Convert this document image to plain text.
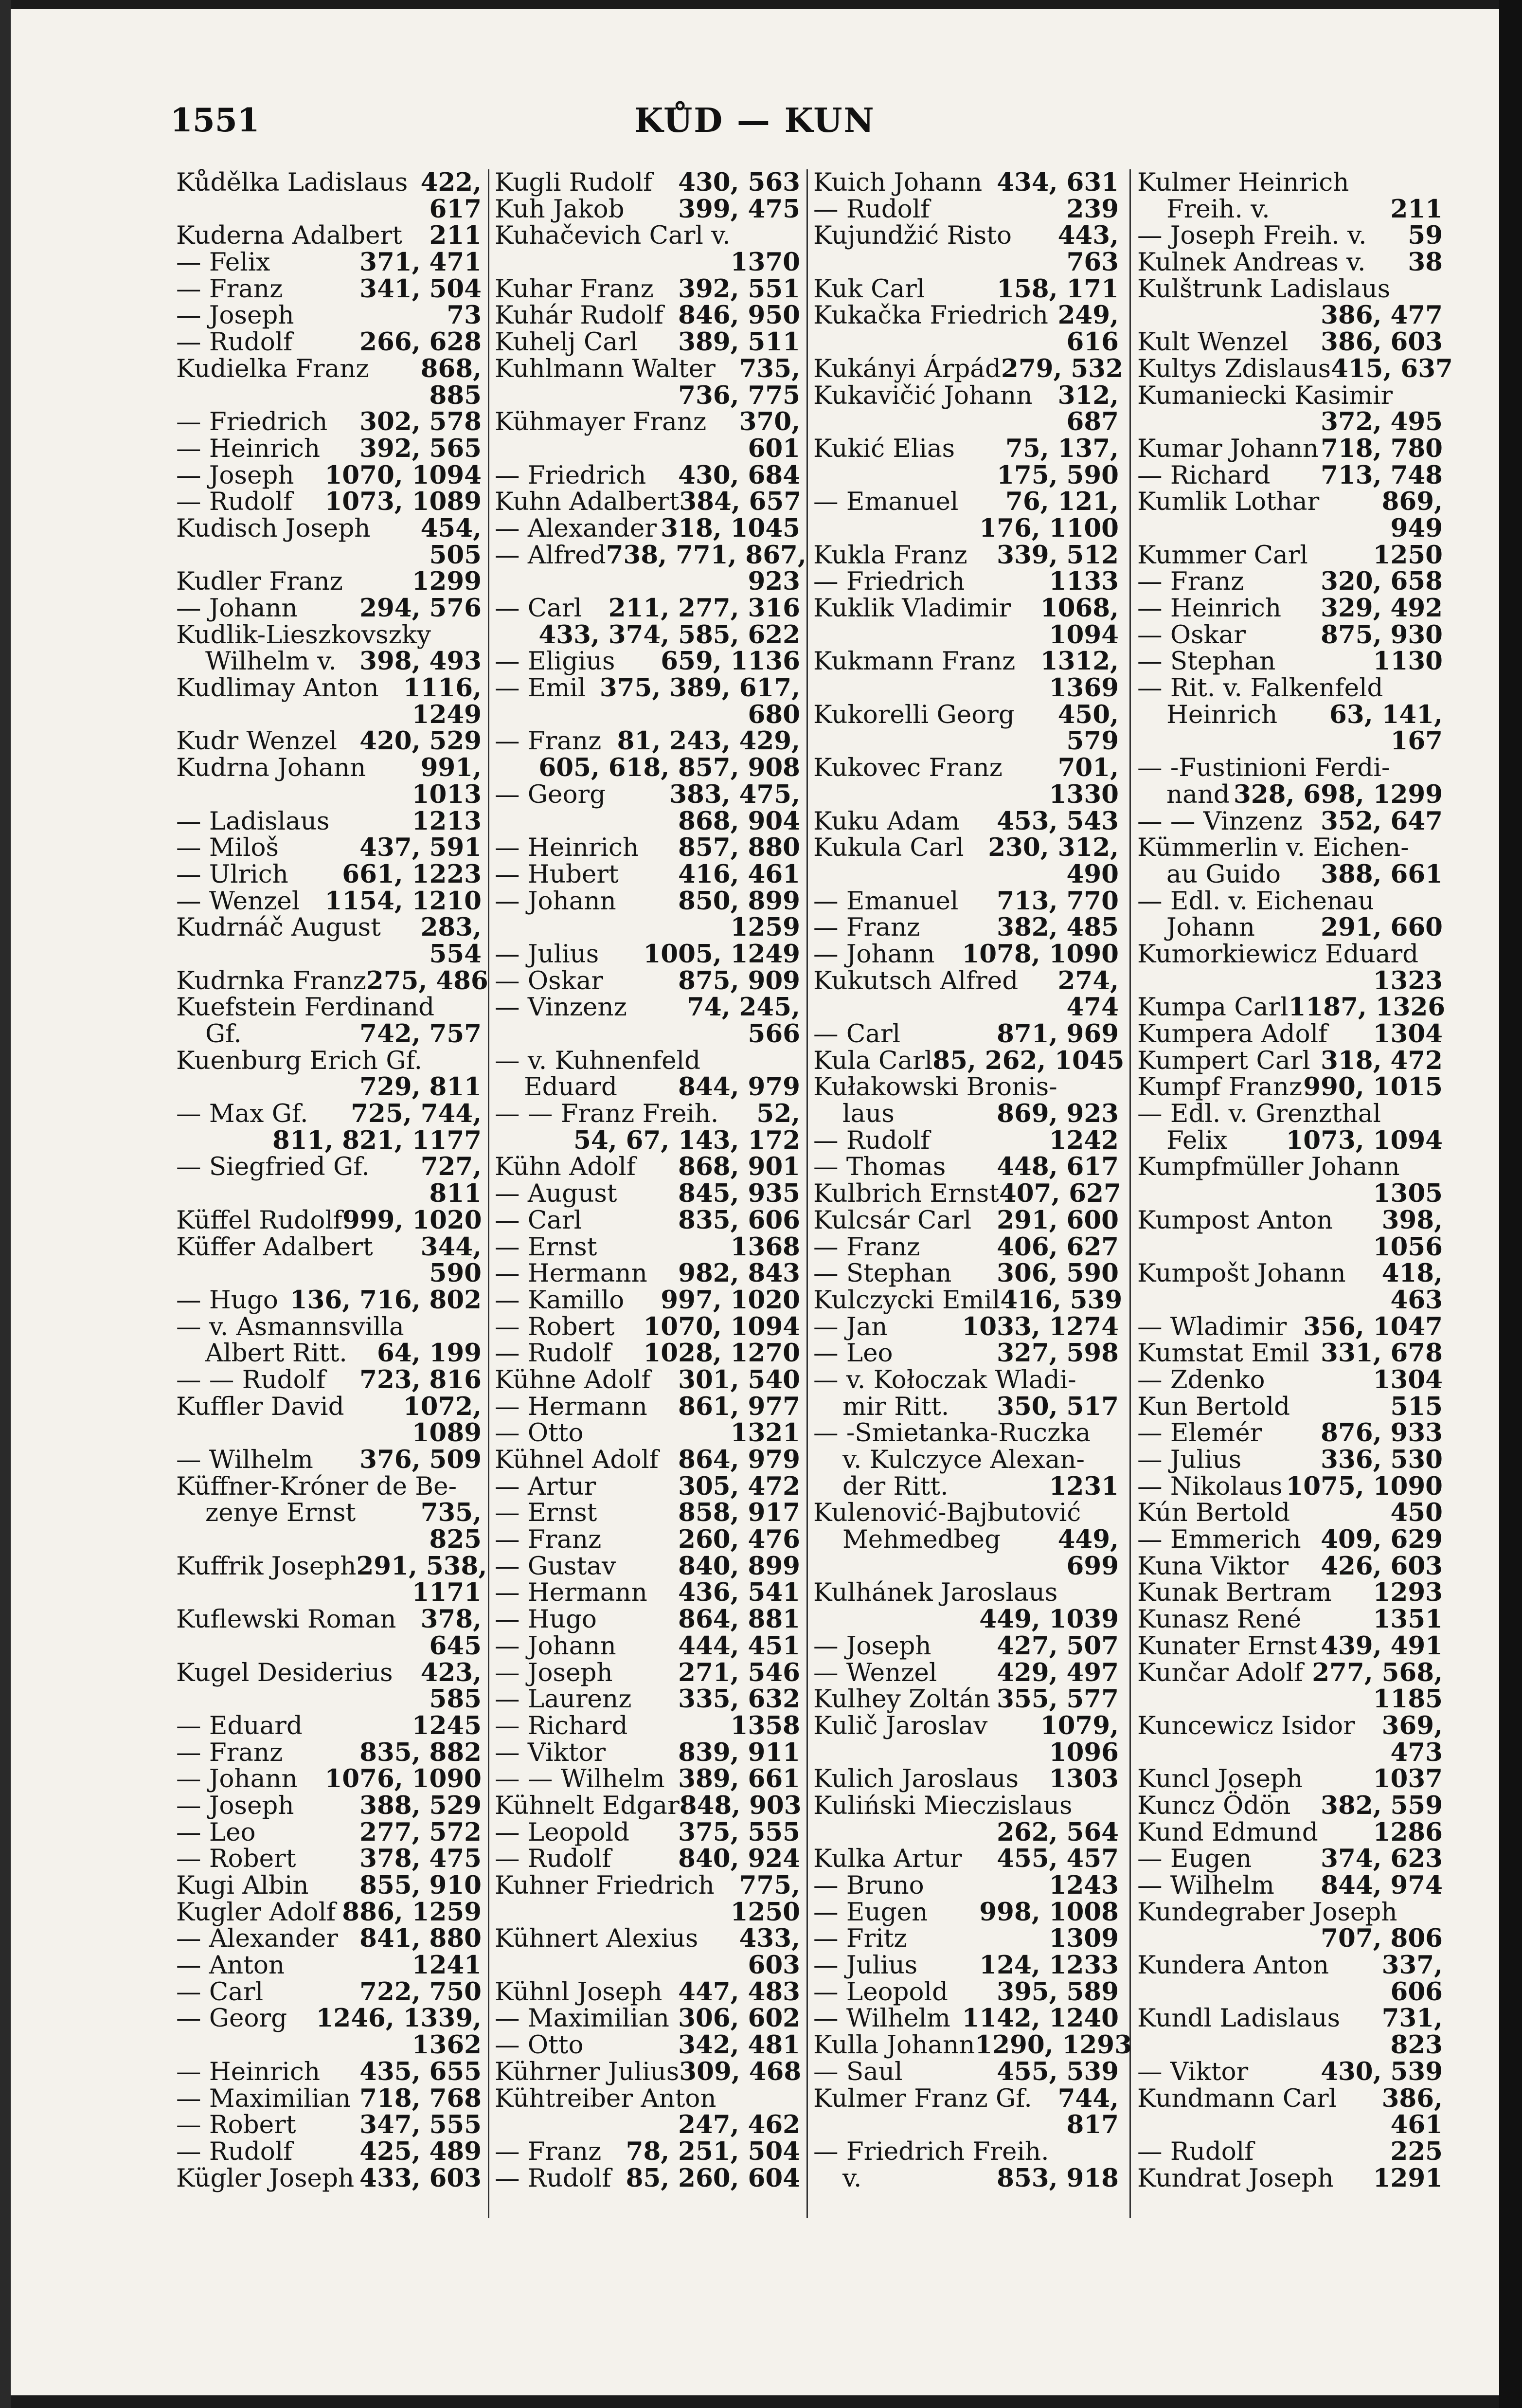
KŮD — KUN
1551
Kůdělka Ladislaus 422,
617
Kuderna Adalbert 211
— Felix	371, 471
— Franz	341, 504
— Joseph	73
— Rudolf	266, 628
Kudielka Franz 868,
885
— Friedrich 302, 578
— Heinrich 392, 565
— Joseph 1070, 1094
— Rudolf 1073, 1089
Kudisch Joseph 454,
505
Kudler Franz	1299
— Johann 294, 576
Kudlik-Lieszkovszky
Wilhelm v. 398, 493
Kudlimay Anton 1116,
1249
Kudr Wenzel 420, 529
Kudrna Johann 991,
1013
— Ladislaus	1213
— Miloš	437, 591
— Ulrich 661, 1223
— Wenzel 1154, 1210
Kudrnáč August 283,
554
Kudrnka Franz 275, 486
Kuefstein Ferdinand
Gf.	742, 757
Kuenburg Erich Gf.
729, 811
— Max Gf. 725, 744,
811, 821, 1177
— Siegfried Gf. 727,
811
Küffel Rudolf 999, 1020
Küffer Adalbert 344,
590
— Hugo 136, 716, 802
— v. Asmannsvilla
Albert Ritt. 64, 199
— — Rudolf 723, 816
Kuffler David 1072,
1089
— Wilhelm 376, 509
Küffner-Króner de Be-
zenye Ernst	735,
825
Kuffrik Joseph 291, 538,
1171
Kuflewski Roman 378,
645
Kugel Desiderius 423,
585
— Eduard	1245
— Franz	835, 882
— Johann 1076, 1090
— Joseph	388, 529
— Leo	277, 572
— Robert	378, 475
Kugi Albin 855, 910
Kugler Adolf 886, 1259
— Alexander 841, 880
— Anton	1241
— Carl	722, 750
— Georg 1246, 1339,
1362
— Heinrich 435, 655
— Maximilian 718, 768
— Robert	347, 555
— Rudolf	425, 489
Kügler Joseph 433, 603
Kugli Rudolf 430, 563
Kuh Jakob 399, 475
Kuhačevich Carl v.
1370
Kuhar Franz 392, 551
Kuhár Rudolf 846, 950
Kuhelj Carl 389, 511
Kuhlmann Walter 735,
736, 775
Kühmayer Franz 370,
601
— Friedrich 430, 684
Kuhn Adalbert 384, 657
— Alexander 318, 1045
— Alfred 738, 771, 867,
923
— Carl 211, 277, 316
433, 374, 585, 622
— Eligius 659, 1136
— Emil 375, 389, 617,
680
— Franz 81, 243, 429,
605, 618, 857, 908
— Georg	383, 475,
868, 904
— Heinrich 857, 880
— Hubert 416, 461
— Johann 850, 899
1259
— Julius 1005, 1249
— Oskar	875, 909
— Vinzenz 74, 245,
566
— v. Kuhnenfeld
Eduard 844, 979
— — Franz Freih. 52,
54, 67, 143, 172
Kühn Adolf 868, 901
— August 845, 935
— Carl	835, 606
— Ernst	1368
— Hermann 982, 843
— Kamillo 997, 1020
— Robert 1070, 1094
— Rudolf 1028, 1270
Kühne Adolf 301, 540
— Hermann 861, 977
— Otto	1321
Kühnel Adolf 864, 979
— Artur	305, 472
— Ernst	858, 917
— Franz	260, 476
— Gustav 840, 899
— Hermann 436, 541
— Hugo	864, 881
— Johann 444, 451
— Joseph	271, 546
— Laurenz 335, 632
— Richard	1358
— Viktor	839, 911
— — Wilhelm 389, 661
Kühnelt Edgar 848, 903
— Leopold 375, 555
— Rudolf	840, 924
Kuhner Friedrich 775,
1250
Kühnert Alexius 433,
603
Kühnl Joseph 447, 483
— Maximilian 306, 602
— Otto	342, 481
Kührner Julius 309, 468
Kühtreiber Anton
247, 462
— Franz 78, 251, 504
— Rudolf 85, 260, 604
Kuich Johann 434, 631
— Rudolf	239
Kujundžić Risto 443,
763
Kuk Carl	158, 171
Kukačka Friedrich 249,
616
Kukányi Árpád 279, 532
Kukavičić Johann 312,
687
Kukić Elias 75, 137,
175, 590
— Emanuel 76, 121,
176, 1100
Kukla Franz 339, 512
— Friedrich	1133
Kuklik Vladimir 1068,
1094
Kukmann Franz 1312,
1369
Kukorelli Georg 450,
579
Kukovec Franz 701,
1330
Kuku Adam 453, 543
Kukula Carl 230, 312,
490
— Emanuel 713, 770
— Franz	382, 485
— Johann 1078, 1090
Kukutsch Alfred 274,
474
— Carl	871, 969
Kula Carl 85, 262, 1045
Kułakowski Bronis-
laus	869, 923
— Rudolf	1242
— Thomas 448, 617
Kulbrich Ernst 407, 627
Kulcsár Carl 291, 600
— Franz	406, 627
— Stephan 306, 590
Kulczycki Emil 416, 539
— Jan	1033, 1274
— Leo	327, 598
— v. Kołoczak Wladi-
mir Ritt. 350, 517
— -Smietanka-Ruczka
v. Kulczyce Alexan-
der Ritt.	1231
Kulenović-Bajbutović
Mehmedbeg 449,
699
Kulhánek Jaroslaus
449, 1039
— Joseph	427, 507
— Wenzel 429, 497
Kulhey Zoltán 355, 577
Kulič Jaroslav 1079,
1096
Kulich Jaroslaus 1303
Kuliński Mieczislaus
262, 564
Kulka Artur 455, 457
— Bruno	1243
— Eugen 998, 1008
— Fritz	1309
— Julius 124, 1233
— Leopold 395, 589
— Wilhelm 1142, 1240
Kulla Johann 1290, 1293
— Saul	455, 539
Kulmer Franz Gf. 744,
817
— Friedrich Freih.
v.	853, 918
Kulmer Heinrich
Freih. v.	211
— Joseph Freih. v. 59
Kulnek Andreas v. 38
Kulštrunk Ladislaus
386, 477
Kult Wenzel 386, 603
Kultys Zdislaus 415, 637
Kumaniecki Kasimir
372, 495
Kumar Johann 718, 780
— Richard 713, 748
Kumlik Lothar 869,
949
Kummer Carl	1250
— Franz	320, 658
— Heinrich 329, 492
— Oskar	875, 930
— Stephan	1130
— Rit. v. Falkenfeld
Heinrich 63, 141,
167
— -Fustinioni Ferdi-
nand 328, 698, 1299
— — Vinzenz 352, 647
Kümmerlin v. Eichen-
au Guido 388, 661
— Edl. v. Eichenau
Johann	291, 660
Kumorkiewicz Eduard
1323
Kumpa Carl 1187, 1326
Kumpera Adolf 1304
Kumpert Carl 318, 472
Kumpf Franz 990, 1015
— Edl. v. Grenzthal
Felix 1073, 1094
Kumpfmüller Johann
1305
Kumpost Anton 398,
1056
Kumpošt Johann 418,
463
— Wladimir 356, 1047
Kumstat Emil 331, 678
— Zdenko	1304
Kun Bertold	515
— Elemér 876, 933
— Julius	336, 530
— Nikolaus 1075, 1090
Kún Bertold	450
— Emmerich 409, 629
Kuna Viktor 426, 603
Kunak Bertram 1293
Kunasz René	1351
Kunater Ernst 439, 491
Kunčar Adolf 277, 568,
1185
Kuncewicz Isidor 369,
473
Kuncl Joseph	1037
Kuncz Ödön 382, 559
Kund Edmund 1286
— Eugen	374, 623
— Wilhelm 844, 974
Kundegraber Joseph
707, 806
Kundera Anton 337,
606
Kundl Ladislaus 731,
823
— Viktor	430, 539
Kundmann Carl 386,
461
— Rudolf	225
Kundrat Joseph 1291
